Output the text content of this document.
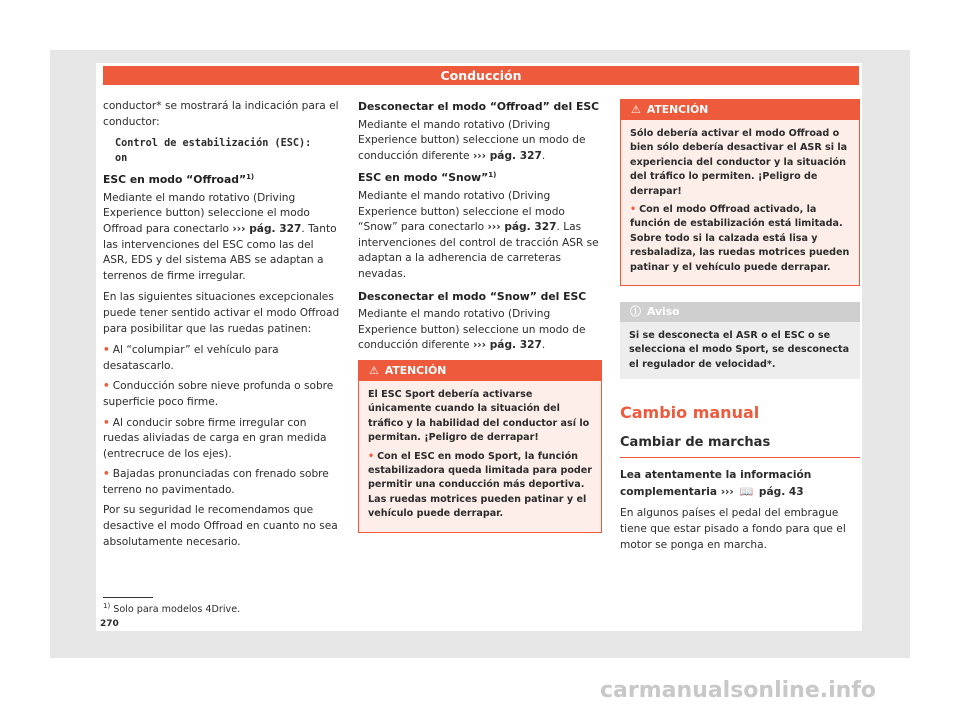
Conducción

conductor* se mostrará la indicación para el conductor:

Control de estabilización (ESC):
on
ESC en modo “Offroad”$^{1)}$

Mediante el mando rotativo (Driving Experience button) seleccione el modo Offroad para conectarlo ››› pág. 327. Tanto las intervenciones del ESC como las del ASR, EDS y del sistema ABS se adaptan a terrenos de firme irregular.

En las siguientes situaciones excepcionales puede tener sentido activar el modo Offroad para posibilitar que las ruedas patinen:

• Al “columpiar” el vehículo para desatascarlo.
• Conducción sobre nieve profunda o sobre superficie poco firme.
• Al conducir sobre firme irregular con ruedas aliviadas de carga en gran medida (entrecruce de los ejes).
• Bajadas pronunciadas con frenado sobre terreno no pavimentado.

Por su seguridad le recomendamos que desactive el modo Offroad en cuanto no sea absolutamente necesario.

Desconectar el modo “Offroad” del ESC

Mediante el mando rotativo (Driving Experience button) seleccione un modo de conducción diferente ››› pág. 327.

ESC en modo “Snow”$^{1)}$

Mediante el mando rotativo (Driving Experience button) seleccione el modo “Snow” para conectarlo ››› pág. 327. Las intervenciones del control de tracción ASR se adaptan a la adherencia de carreteras nevadas.

Desconectar el modo “Snow” del ESC

Mediante el mando rotativo (Driving Experience button) seleccione un modo de conducción diferente ››› pág. 327.

⚠ ATENCIÓN

El ESC Sport debería activarse únicamente cuando la situación del tráfico y la habilidad del conductor así lo permitan. ¡Peligro de derrapar!

• Con el ESC en modo Sport, la función estabilizadora queda limitada para poder permitir una conducción más deportiva. Las ruedas motrices pueden patinar y el vehículo puede derrapar.

⚠ ATENCIÓN

Sólo debería activar el modo Offroad o bien sólo debería desactivar el ASR si la experiencia del conductor y la situación del tráfico lo permiten. ¡Peligro de derrapar!

• Con el modo Offroad activado, la función de estabilización está limitada. Sobre todo si la calzada está lisa y resbaladiza, las ruedas motrices pueden patinar y el vehículo puede derrapar.

ⓘ Aviso
Si se desconecta el ASR o el ESC o se selecciona el modo Sport, se desconecta el regulador de velocidad*.
Cambio manual
Cambiar de marchas

Lea atentamente la información complementaria ››› 📖 pág. 43

En algunos países el pedal del embrague tiene que estar pisado a fondo para que el motor se ponga en marcha.

$^{1)}$ Solo para modelos 4Drive.
270
carmanualsonline.info
